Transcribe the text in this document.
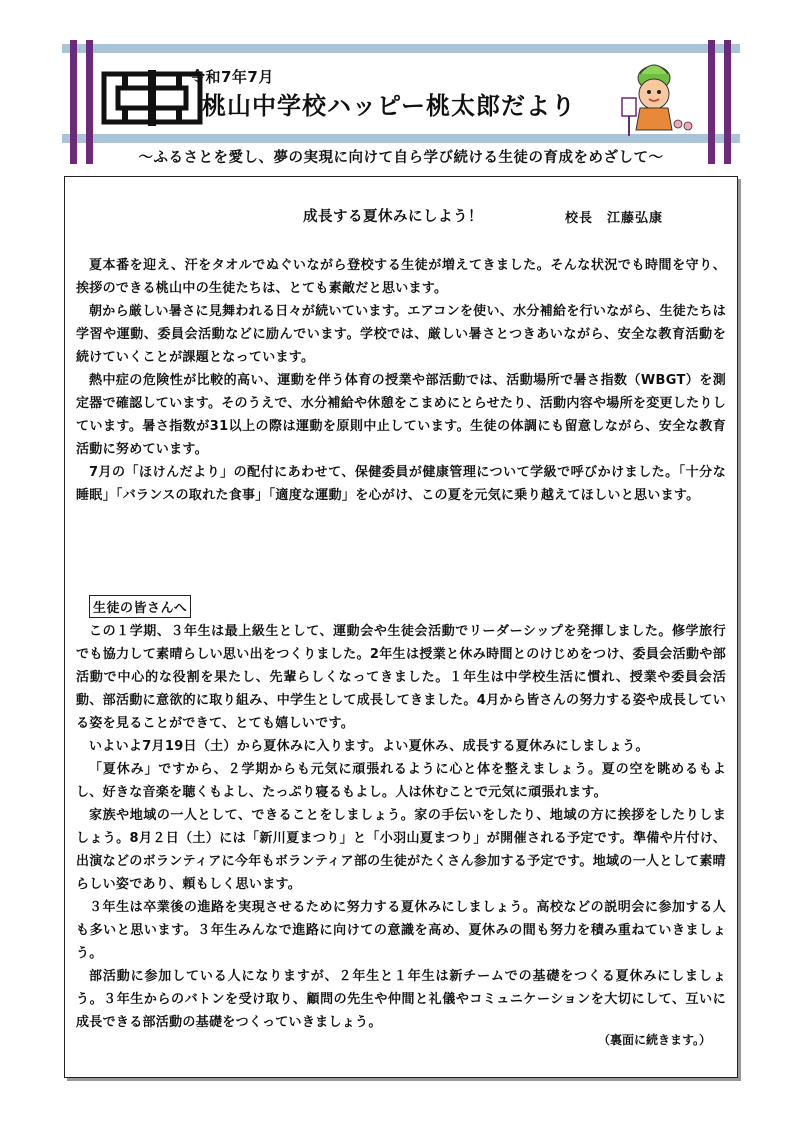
令和7年7月
桃山中学校ハッピー桃太郎だより
～ふるさとを愛し、夢の実現に向けて自ら学び続ける生徒の育成をめざして～
成長する夏休みにしよう！	校長　江藤弘康

夏本番を迎え、汗をタオルでぬぐいながら登校する生徒が増えてきました。そんな状況でも時間を守り、挨拶のできる桃山中の生徒たちは、とても素敵だと思います。

朝から厳しい暑さに見舞われる日々が続いています。エアコンを使い、水分補給を行いながら、生徒たちは学習や運動、委員会活動などに励んでいます。学校では、厳しい暑さとつきあいながら、安全な教育活動を続けていくことが課題となっています。

熱中症の危険性が比較的高い、運動を伴う体育の授業や部活動では、活動場所で暑さ指数（WBGT）を測定器で確認しています。そのうえで、水分補給や休憩をこまめにとらせたり、活動内容や場所を変更したりしています。暑さ指数が31以上の際は運動を原則中止しています。生徒の体調にも留意しながら、安全な教育活動に努めています。

7月の「ほけんだより」の配付にあわせて、保健委員が健康管理について学級で呼びかけました。「十分な睡眠」「バランスの取れた食事」「適度な運動」を心がけ、この夏を元気に乗り越えてほしいと思います。

生徒の皆さんへ

この１学期、３年生は最上級生として、運動会や生徒会活動でリーダーシップを発揮しました。修学旅行でも協力して素晴らしい思い出をつくりました。2年生は授業と休み時間とのけじめをつけ、委員会活動や部活動で中心的な役割を果たし、先輩らしくなってきました。１年生は中学校生活に慣れ、授業や委員会活動、部活動に意欲的に取り組み、中学生として成長してきました。4月から皆さんの努力する姿や成長している姿を見ることができて、とても嬉しいです。

いよいよ7月19日（土）から夏休みに入ります。よい夏休み、成長する夏休みにしましょう。

「夏休み」ですから、２学期からも元気に頑張れるように心と体を整えましょう。夏の空を眺めるもよし、好きな音楽を聴くもよし、たっぷり寝るもよし。人は休むことで元気に頑張れます。

家族や地域の一人として、できることをしましょう。家の手伝いをしたり、地域の方に挨拶をしたりしましょう。8月２日（土）には「新川夏まつり」と「小羽山夏まつり」が開催される予定です。準備や片付け、出演などのボランティアに今年もボランティア部の生徒がたくさん参加する予定です。地域の一人として素晴らしい姿であり、頼もしく思います。

３年生は卒業後の進路を実現させるために努力する夏休みにしましょう。高校などの説明会に参加する人も多いと思います。３年生みんなで進路に向けての意識を高め、夏休みの間も努力を積み重ねていきましょう。

部活動に参加している人になりますが、２年生と１年生は新チームでの基礎をつくる夏休みにしましょう。３年生からのバトンを受け取り、顧問の先生や仲間と礼儀やコミュニケーションを大切にして、互いに成長できる部活動の基礎をつくっていきましょう。

（裏面に続きます。）
